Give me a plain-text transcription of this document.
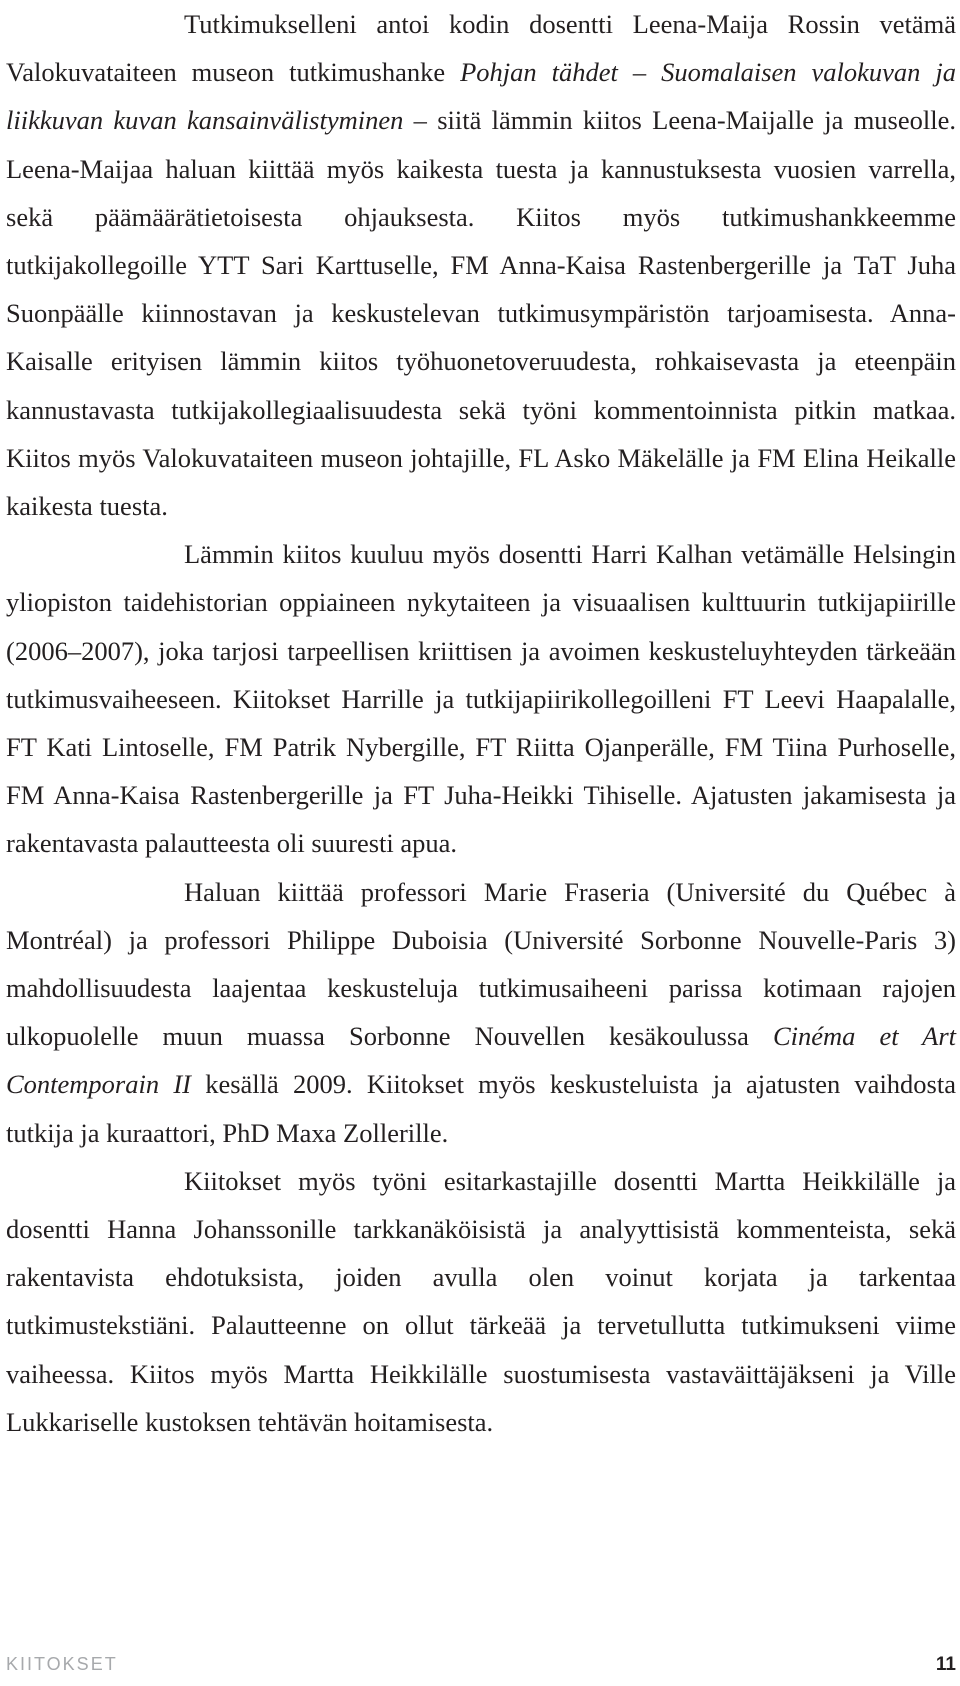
Tutkimukselleni antoi kodin dosentti Leena-Maija Rossin vetämä Valokuvataiteen museon tutkimushanke Pohjan tähdet – Suomalaisen valokuvan ja liikkuvan kuvan kansainvälistyminen – siitä lämmin kiitos Leena-Maijalle ja museolle. Leena-Maijaa haluan kiittää myös kaikesta tuesta ja kannustuksesta vuosien varrella, sekä päämäärätietoisesta ohjauksesta. Kiitos myös tutkimushankkeemme tutkijakollegoille YTT Sari Karttuselle, FM Anna-Kaisa Rastenbergerille ja TaT Juha Suonpäälle kiinnostavan ja keskustelevan tutkimusympäristön tarjoamisesta. Anna-Kaisalle erityisen lämmin kiitos työhuonetoveruudesta, rohkaisevasta ja eteenpäin kannustavasta tutkijakollegiaalisuudesta sekä työni kommentoinnista pitkin matkaa. Kiitos myös Valokuvataiteen museon johtajille, FL Asko Mäkelälle ja FM Elina Heikalle kaikesta tuesta.

Lämmin kiitos kuuluu myös dosentti Harri Kalhan vetämälle Helsingin yliopiston taidehistorian oppiaineen nykytaiteen ja visuaalisen kulttuurin tutkijapiirille (2006–2007), joka tarjosi tarpeellisen kriittisen ja avoimen keskusteluyhteyden tärkeään tutkimusvaiheeseen. Kiitokset Harrille ja tutkijapiirikollegoilleni FT Leevi Haapalalle, FT Kati Lintoselle, FM Patrik Nybergille, FT Riitta Ojanperälle, FM Tiina Purhoselle, FM Anna-Kaisa Rastenbergerille ja FT Juha-Heikki Tihiselle. Ajatusten jakamisesta ja rakentavasta palautteesta oli suuresti apua.

Haluan kiittää professori Marie Fraseria (Université du Québec à Montréal) ja professori Philippe Duboisia (Université Sorbonne Nouvelle-Paris 3) mahdollisuudesta laajentaa keskusteluja tutkimusaiheeni parissa kotimaan rajojen ulkopuolelle muun muassa Sorbonne Nouvellen kesäkoulussa Cinéma et Art Contemporain II kesällä 2009. Kiitokset myös keskusteluista ja ajatusten vaihdosta tutkija ja kuraattori, PhD Maxa Zollerille.

Kiitokset myös työni esitarkastajille dosentti Martta Heikkilälle ja dosentti Hanna Johanssonille tarkkanäköisistä ja analyyttisistä kommenteista, sekä rakentavista ehdotuksista, joiden avulla olen voinut korjata ja tarkentaa tutkimustekstiäni. Palautteenne on ollut tärkeää ja tervetullutta tutkimukseni viime vaiheessa. Kiitos myös Martta Heikkilälle suostumisesta vastaväittäjäkseni ja Ville Lukkariselle kustoksen tehtävän hoitamisesta.

KIITOKSET	11
